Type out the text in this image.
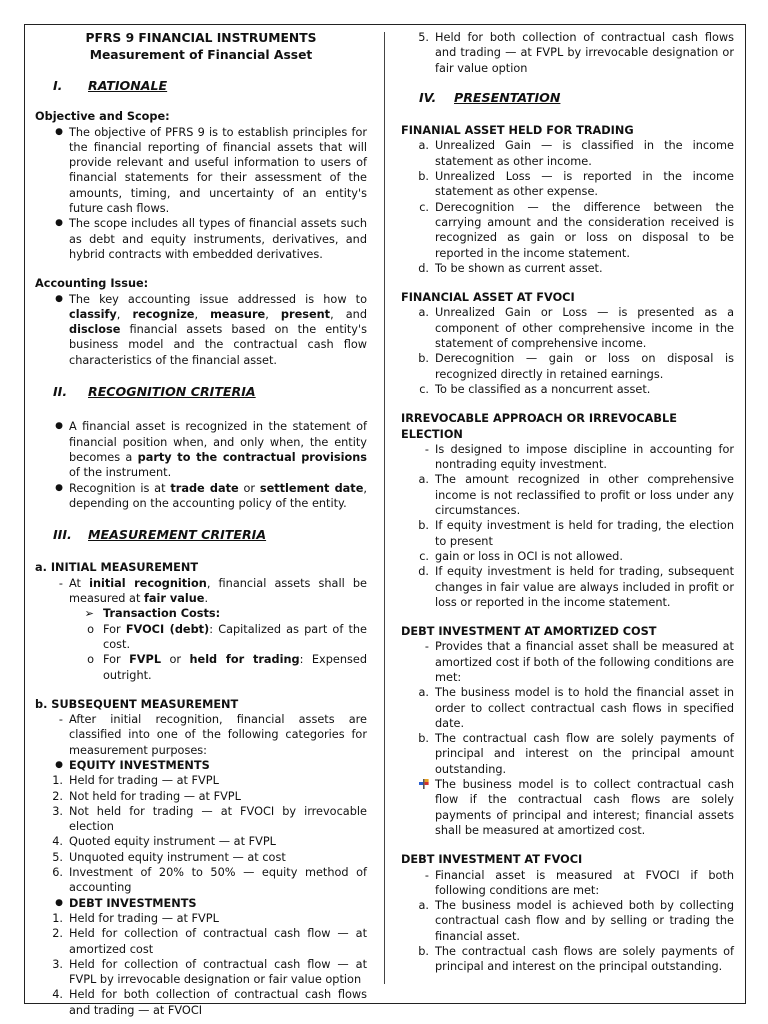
PFRS 9 FINANCIAL INSTRUMENTS
Measurement of Financial Asset
I.	RATIONALE
Objective and Scope:
● The objective of PFRS 9 is to establish principles for the financial reporting of financial assets that will provide relevant and useful information to users of financial statements for their assessment of the amounts, timing, and uncertainty of an entity's future cash flows.
● The scope includes all types of financial assets such as debt and equity instruments, derivatives, and hybrid contracts with embedded derivatives.
Accounting Issue:
● The key accounting issue addressed is how to classify, recognize, measure, present, and disclose financial assets based on the entity's business model and the contractual cash flow characteristics of the financial asset.
II.	RECOGNITION CRITERIA
● A financial asset is recognized in the statement of financial position when, and only when, the entity becomes a party to the contractual provisions of the instrument.
● Recognition is at trade date or settlement date, depending on the accounting policy of the entity.
III.	MEASUREMENT CRITERIA
a. INITIAL MEASUREMENT
- At initial recognition, financial assets shall be measured at fair value.
➢ Transaction Costs:
o For FVOCI (debt): Capitalized as part of the cost.
o For FVPL or held for trading: Expensed outright.
b. SUBSEQUENT MEASUREMENT
- After initial recognition, financial assets are classified into one of the following categories for measurement purposes:
● EQUITY INVESTMENTS
1. Held for trading — at FVPL
2. Not held for trading — at FVPL
3. Not held for trading — at FVOCI by irrevocable election
4. Quoted equity instrument — at FVPL
5. Unquoted equity instrument — at cost
6. Investment of 20% to 50% — equity method of accounting
● DEBT INVESTMENTS
1. Held for trading — at FVPL
2. Held for collection of contractual cash flow — at amortized cost
3. Held for collection of contractual cash flow — at FVPL by irrevocable designation or fair value option
4. Held for both collection of contractual cash flows and trading — at FVOCI
5. Held for both collection of contractual cash flows and trading — at FVPL by irrevocable designation or fair value option
IV.	PRESENTATION
FINANIAL ASSET HELD FOR TRADING
a. Unrealized Gain — is classified in the income statement as other income.
b. Unrealized Loss — is reported in the income statement as other expense.
c. Derecognition — the difference between the carrying amount and the consideration received is recognized as gain or loss on disposal to be reported in the income statement.
d. To be shown as current asset.
FINANCIAL ASSET AT FVOCI
a. Unrealized Gain or Loss — is presented as a component of other comprehensive income in the statement of comprehensive income.
b. Derecognition — gain or loss on disposal is recognized directly in retained earnings.
c. To be classified as a noncurrent asset.
IRREVOCABLE APPROACH OR IRREVOCABLE ELECTION
- Is designed to impose discipline in accounting for nontrading equity investment.
a. The amount recognized in other comprehensive income is not reclassified to profit or loss under any circumstances.
b. If equity investment is held for trading, the election to present
c. gain or loss in OCI is not allowed.
d. If equity investment is held for trading, subsequent changes in fair value are always included in profit or loss or reported in the income statement.
DEBT INVESTMENT AT AMORTIZED COST
- Provides that a financial asset shall be measured at amortized cost if both of the following conditions are met:
a. The business model is to hold the financial asset in order to collect contractual cash flows in specified date.
b. The contractual cash flow are solely payments of principal and interest on the principal amount outstanding.
The business model is to collect contractual cash flow if the contractual cash flows are solely payments of principal and interest; financial assets shall be measured at amortized cost.
DEBT INVESTMENT AT FVOCI
- Financial asset is measured at FVOCI if both following conditions are met:
a. The business model is achieved both by collecting contractual cash flow and by selling or trading the financial asset.
b. The contractual cash flows are solely payments of principal and interest on the principal outstanding.
